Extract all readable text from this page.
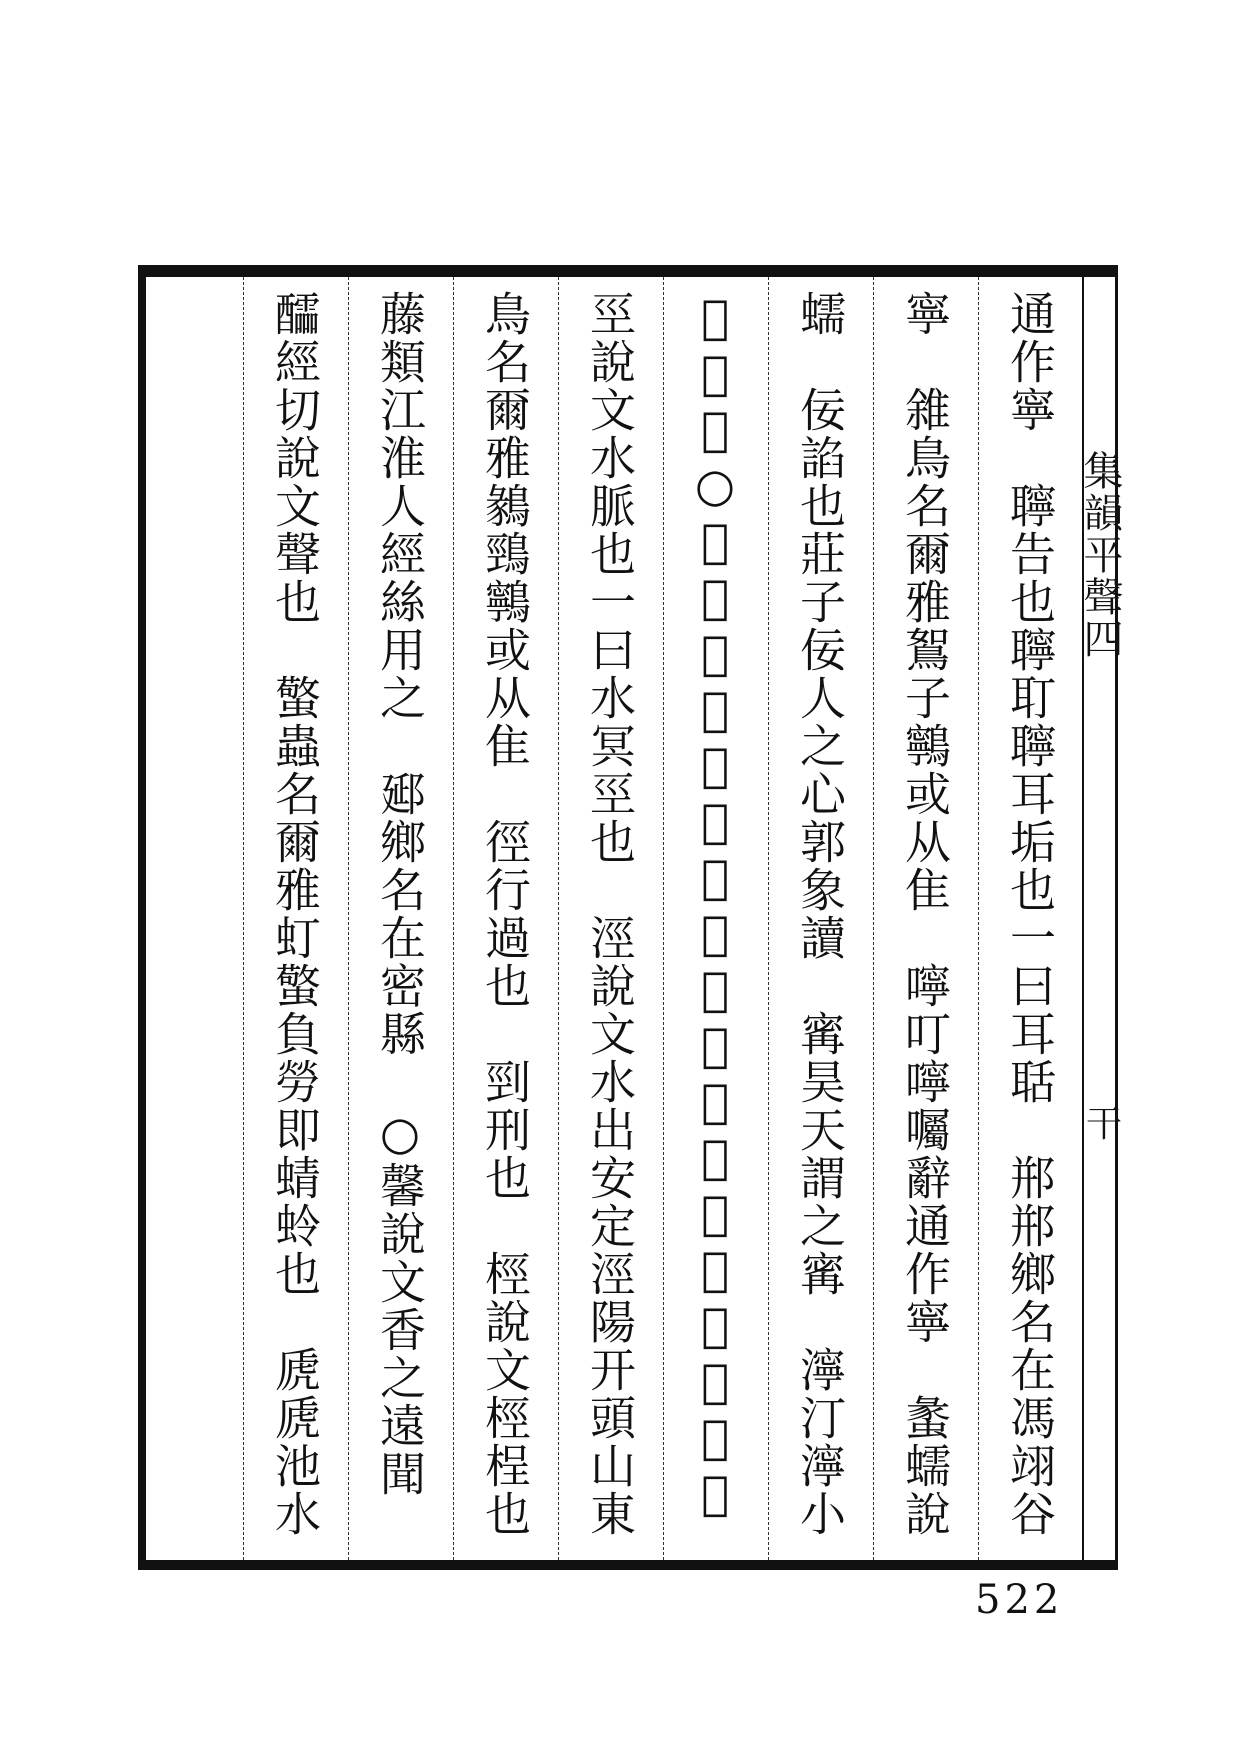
集韻平聲四
干
通作寧　聹告也聹耵聹耳垢也一曰耳聒　郱郱鄉名在馮翊谷
寧　雓鳥名爾雅鴽子鸋或从隹　嚀叮嚀囑辭通作寧　䗍蠕說
蠕　佞諂也莊子佞人之心郭象讀　寗昊天謂之寗　濘汀濘小　
𡦹頗也○經絰巠堅靈切說文織也一曰常也又國名亦
巠說文水脈也一曰水冥巠也　涇說文水出安定涇陽开頭山東　
鳥名爾雅鶨鵛鸋或从隹　徑行過也　剄刑也　桱說文桱桯也　
藤類江淮人經絲用之　郔鄉名在密縣　○馨說文香之遠聞　
醽經切說文聲也　蟼蟲名爾雅虰蟼負勞即蜻蛉也　虒虒池水　　
522
